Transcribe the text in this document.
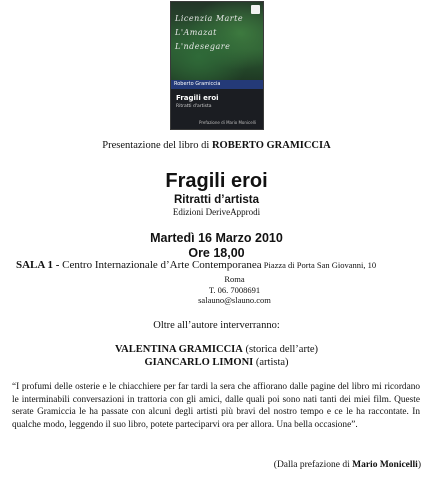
Licenzia Marte
L'Amazat
L'ndesegare
Roberto Gramiccia
Fragili eroi
Ritratti d'artista
Prefazione di Mario Monicelli
Presentazione del libro di ROBERTO GRAMICCIA
Fragili eroi
Ritratti d’artista
Edizioni DeriveApprodi
Martedì 16 Marzo 2010
Ore 18,00
SALA 1 - Centro Internazionale d’Arte Contemporanea Piazza di Porta San Giovanni, 10
Roma
T. 06. 7008691
salauno@slauno.com
Oltre all’autore interverranno:
VALENTINA GRAMICCIA (storica dell’arte)
GIANCARLO LIMONI (artista)
“I profumi delle osterie e le chiacchiere per far tardi la sera che affiorano dalle pagine del libro mi ricordano le interminabili conversazioni in trattoria con gli amici, dalle quali poi sono nati tanti dei miei film. Queste serate Gramiccia le ha passate con alcuni degli artisti più bravi del nostro tempo e ce le ha raccontate. In qualche modo, leggendo il suo libro, potete parteciparvi ora per allora. Una bella occasione”.
(Dalla prefazione di Mario Monicelli)
